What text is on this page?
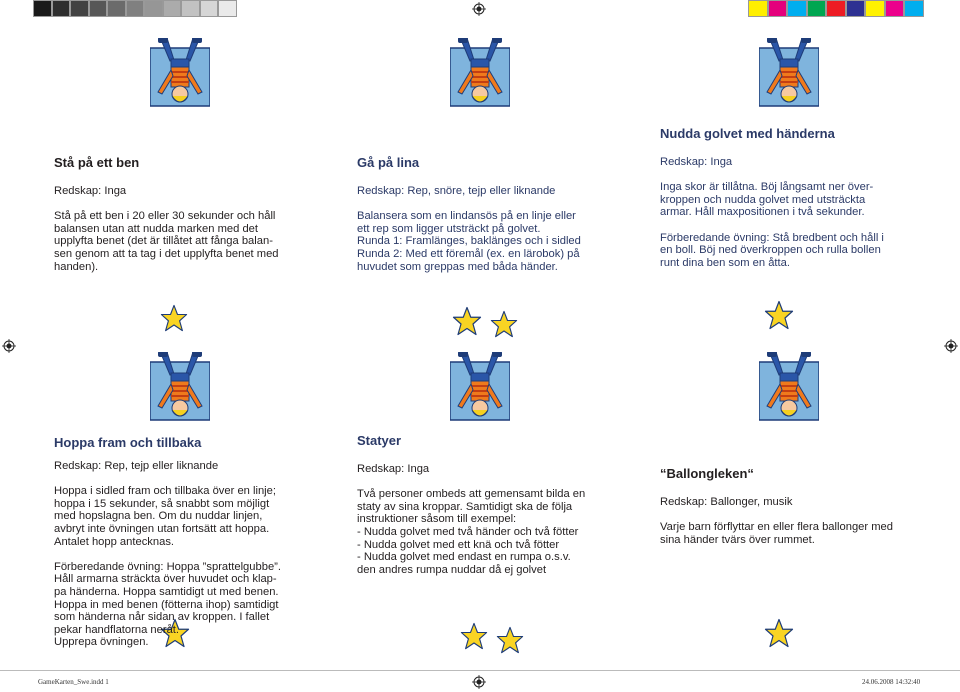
Stå på ett ben
Redskap: Inga
Stå på ett ben i 20 eller 30 sekunder och håll
balansen utan att nudda marken med det
upplyfta benet (det är tillåtet att fånga balan-
sen genom att ta tag i det upplyfta benet med
handen).
Gå på lina
Redskap: Rep, snöre, tejp eller liknande
Balansera som en lindansös på en linje eller
ett rep som ligger utsträckt på golvet.
Runda 1: Framlänges, baklänges och i sidled
Runda 2: Med ett föremål (ex. en lärobok) på
huvudet som greppas med båda händer.
Nudda golvet med händerna
Redskap: Inga
Inga skor är tillåtna. Böj långsamt ner över-
kroppen och nudda golvet med utsträckta
armar. Håll maxpositionen i två sekunder.
Förberedande övning: Stå bredbent och håll i
en boll. Böj ned överkroppen och rulla bollen
runt dina ben som en åtta.
Hoppa fram och tillbaka
Redskap: Rep, tejp eller liknande
Hoppa i sidled fram och tillbaka över en linje;
hoppa i 15 sekunder, så snabbt som möjligt
med hopslagna ben. Om du nuddar linjen,
avbryt inte övningen utan fortsätt att hoppa.
Antalet hopp antecknas.
Förberedande övning: Hoppa ”sprattelgubbe”.
Håll armarna sträckta över huvudet och klap-
pa händerna. Hoppa samtidigt ut med benen.
Hoppa in med benen (fötterna ihop) samtidigt
som händerna når sidan av kroppen. I fallet
pekar handflatorna neråt.
Upprepa övningen.
Statyer
Redskap: Inga
Två personer ombeds att gemensamt bilda en
staty av sina kroppar. Samtidigt ska de följa
instruktioner såsom till exempel:
- Nudda golvet med två händer och två fötter
- Nudda golvet med ett knä och två fötter
- Nudda golvet med endast en rumpa o.s.v.
den andres rumpa nuddar då ej golvet
“Ballongleken“
Redskap: Ballonger, musik
Varje barn förflyttar en eller flera ballonger med
sina händer tvärs över rummet.
GameKarten_Swe.indd 1	24.06.2008 14:32:40
